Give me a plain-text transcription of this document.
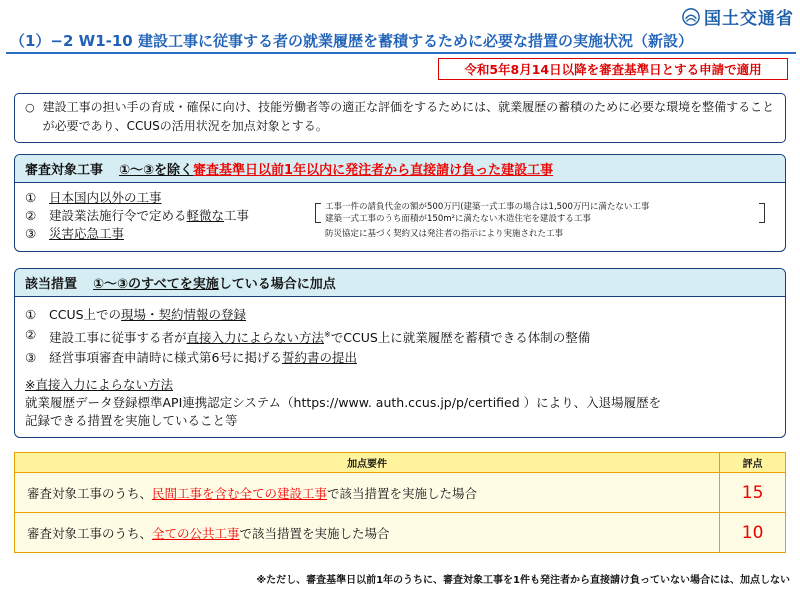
国土交通省
（1）−2 W1-10 建設工事に従事する者の就業履歴を蓄積するために必要な措置の実施状況（新設）
令和5年8月14日以降を審査基準日とする申請で適用
○ 建設工事の担い手の育成・確保に向け、技能労働者等の適正な評価をするためには、就業履歴の蓄積のために必要な環境を整備することが必要であり、CCUSの活用状況を加点対象とする。
審査対象工事 ①～③を除く 審査基準日以前1年以内に発注者から直接請け負った建設工事
① 日本国内以外の工事
② 建設業法施行令で定める軽微な工事
③ 災害応急工事
工事一件の請負代金の額が500万円(建築一式工事の場合は1,500万円に満たない工事
建築一式工事のうち面積が150m²に満たない木造住宅を建設する工事
防災協定に基づく契約又は発注者の指示により実施された工事
該当措置 ①～③のすべてを実施 している場合に加点
① CCUS上での現場・契約情報の登録
② 建設工事に従事する者が直接入力によらない方法※でCCUS上に就業履歴を蓄積できる体制の整備
③ 経営事項審査申請時に様式第6号に掲げる誓約書の提出
※直接入力によらない方法
就業履歴データ登録標準API連携認定システム（https://www. auth.ccus.jp/p/certified ）により、入退場履歴を
記録できる措置を実施していること等
加点要件	評点
審査対象工事のうち、民間工事を含む全ての建設工事で該当措置を実施した場合	15
審査対象工事のうち、全ての公共工事で該当措置を実施した場合	10
※ただし、審査基準日以前1年のうちに、審査対象工事を1件も発注者から直接請け負っていない場合には、加点しない
